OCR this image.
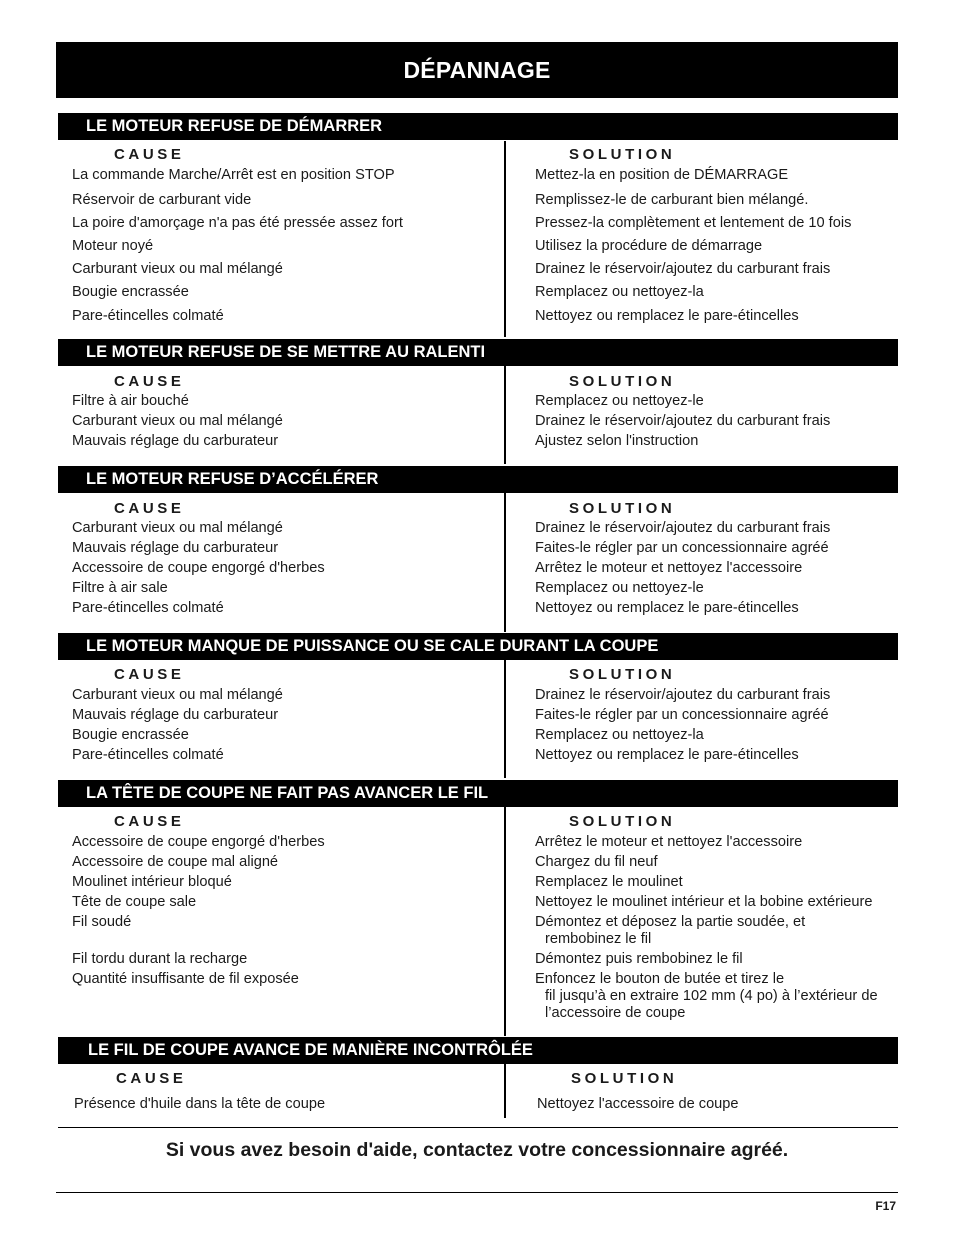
DÉPANNAGE
LE MOTEUR REFUSE DE DÉMARRER
CAUSE	SOLUTION
La commande Marche/Arrêt est en position STOP	Mettez-la en position de DÉMARRAGE
Réservoir de carburant vide	Remplissez-le de carburant bien mélangé.
La poire d'amorçage n'a pas été pressée assez fort	Pressez-la complètement et lentement de 10 fois
Moteur noyé	Utilisez la procédure de démarrage
Carburant vieux ou mal mélangé	Drainez le réservoir/ajoutez du carburant frais
Bougie encrassée	Remplacez ou nettoyez-la
Pare-étincelles colmaté	Nettoyez ou remplacez le pare-étincelles
LE MOTEUR REFUSE DE SE METTRE AU RALENTI
CAUSE	SOLUTION
Filtre à air bouché	Remplacez ou nettoyez-le
Carburant vieux ou mal mélangé	Drainez le réservoir/ajoutez du carburant frais
Mauvais réglage du carburateur	Ajustez selon l'instruction
LE MOTEUR REFUSE D’ACCÉLÉRER
CAUSE	SOLUTION
Carburant vieux ou mal mélangé	Drainez le réservoir/ajoutez du carburant frais
Mauvais réglage du carburateur	Faites-le régler par un concessionnaire agréé
Accessoire de coupe engorgé d'herbes	Arrêtez le moteur et nettoyez l'accessoire
Filtre à air sale	Remplacez ou nettoyez-le
Pare-étincelles colmaté	Nettoyez ou remplacez le pare-étincelles
LE MOTEUR MANQUE DE PUISSANCE OU SE CALE DURANT LA COUPE
CAUSE	SOLUTION
Carburant vieux ou mal mélangé	Drainez le réservoir/ajoutez du carburant frais
Mauvais réglage du carburateur	Faites-le régler par un concessionnaire agréé
Bougie encrassée	Remplacez ou nettoyez-la
Pare-étincelles colmaté	Nettoyez ou remplacez le pare-étincelles
LA TÊTE DE COUPE NE FAIT PAS AVANCER LE FIL
CAUSE	SOLUTION
Accessoire de coupe engorgé d'herbes	Arrêtez le moteur et nettoyez l'accessoire
Accessoire de coupe mal aligné	Chargez du fil neuf
Moulinet intérieur bloqué	Remplacez le moulinet
Tête de coupe sale	Nettoyez le moulinet intérieur et la bobine extérieure
Fil soudé	Démontez et déposez la partie soudée, et
rembobinez le fil
Fil tordu durant la recharge	Démontez puis rembobinez le fil
Quantité insuffisante de fil exposée	Enfoncez le bouton de butée et tirez le
fil jusqu’à en extraire 102 mm (4 po) à l’extérieur de
l’accessoire de coupe
LE FIL DE COUPE AVANCE DE MANIÈRE INCONTRÔLÉE
CAUSE	SOLUTION
Présence d'huile dans la tête de coupe	Nettoyez l'accessoire de coupe
Si vous avez besoin d'aide, contactez votre concessionnaire agréé.
F17
